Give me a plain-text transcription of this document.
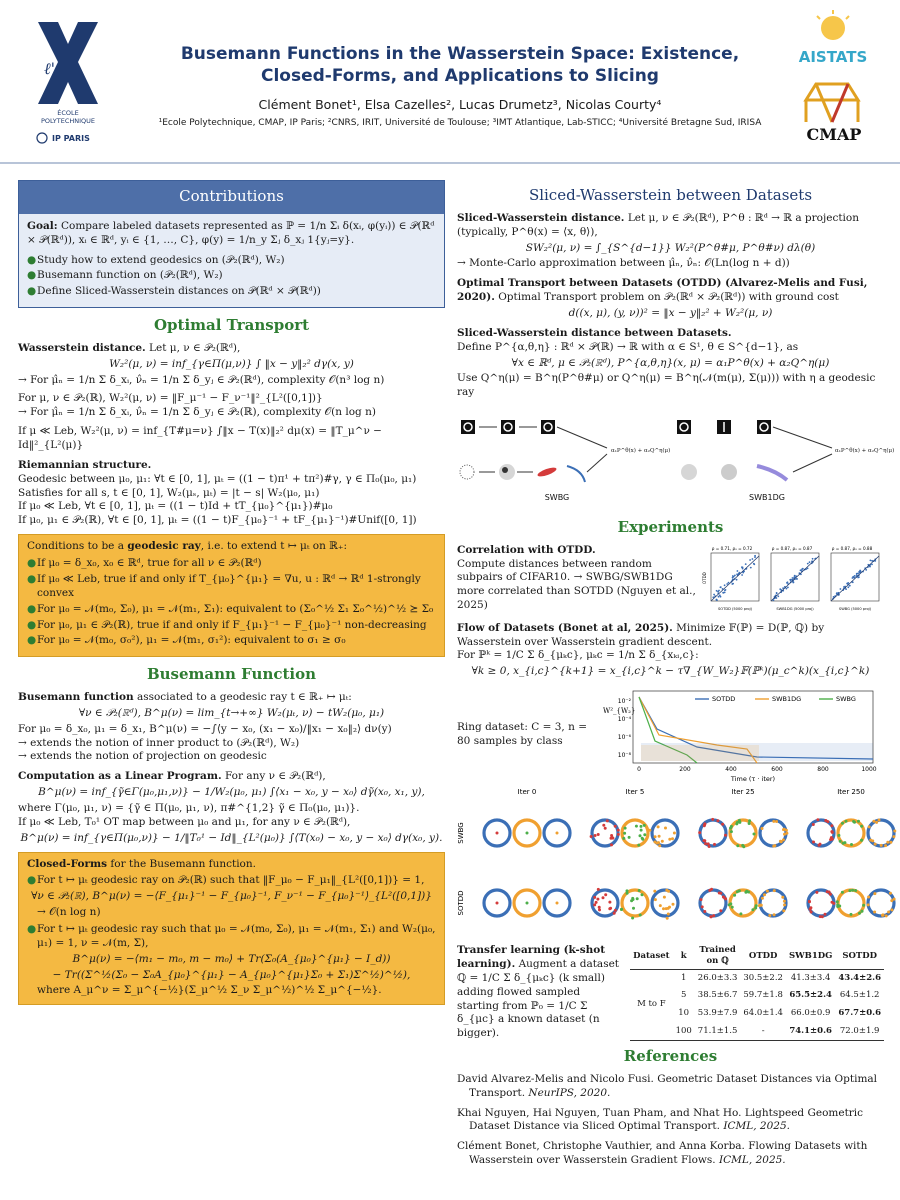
ℓ'
ÉCOLE
POLYTECHNIQUE
IP PARIS
Busemann Functions in the Wasserstein Space: Existence, Closed-Forms, and Applications to Slicing
Clément Bonet¹, Elsa Cazelles², Lucas Drumetz³, Nicolas Courty⁴
¹Ecole Polytechnique, CMAP, IP Paris; ²CNRS, IRIT, Université de Toulouse; ³IMT Atlantique, Lab-STICC; ⁴Université Bretagne Sud, IRISA
AISTATS
CMAP
Contributions
Goal: Compare labeled datasets represented as ℙ = 1/n Σᵢ δ(xᵢ, φ(yᵢ)) ∈ 𝒫(ℝᵈ × 𝒫(ℝᵈ)), xᵢ ∈ ℝᵈ, yᵢ ∈ {1, …, C}, φ(y) = 1/n_y Σⱼ δ_xⱼ 1{yⱼ=y}.
● Study how to extend geodesics on (𝒫₂(ℝᵈ), W₂)
● Busemann function on (𝒫₂(ℝᵈ), W₂)
● Define Sliced-Wasserstein distances on 𝒫(ℝᵈ × 𝒫(ℝᵈ))
Optimal Transport
Wasserstein distance. Let μ, ν ∈ 𝒫₂(ℝᵈ),
W₂²(μ, ν) = inf_{γ∈Π(μ,ν)} ∫ ‖x − y‖₂² dγ(x, y)
→ For μ̂ₙ = 1/n Σ δ_xᵢ, ν̂ₙ = 1/n Σ δ_yⱼ ∈ 𝒫₂(ℝᵈ), complexity 𝒪(n³ log n)
For μ, ν ∈ 𝒫₂(ℝ), W₂²(μ, ν) = ‖F_μ⁻¹ − F_ν⁻¹‖²_{L²([0,1])}
→ For μ̂ₙ = 1/n Σ δ_xᵢ, ν̂ₙ = 1/n Σ δ_yⱼ ∈ 𝒫₂(ℝ), complexity 𝒪(n log n)
If μ ≪ Leb, W₂²(μ, ν) = inf_{T#μ=ν} ∫‖x − T(x)‖₂² dμ(x) = ‖T_μ^ν − Id‖²_{L²(μ)}
Riemannian structure.
Geodesic between μ₀, μ₁: ∀t ∈ [0, 1], μₜ = ((1 − t)π¹ + tπ²)#γ, γ ∈ Π₀(μ₀, μ₁)
Satisfies for all s, t ∈ [0, 1], W₂(μₛ, μₜ) = |t − s| W₂(μ₀, μ₁)
If μ₀ ≪ Leb, ∀t ∈ [0, 1], μₜ = ((1 − t)Id + tT_{μ₀}^{μ₁})#μ₀
If μ₀, μ₁ ∈ 𝒫₂(ℝ), ∀t ∈ [0, 1], μₜ = ((1 − t)F_{μ₀}⁻¹ + tF_{μ₁}⁻¹)#Unif([0, 1])
Conditions to be a geodesic ray, i.e. to extend t ↦ μₜ on ℝ₊:
● If μ₀ = δ_x₀, x₀ ∈ ℝᵈ, true for all ν ∈ 𝒫₂(ℝᵈ)
● If μ₀ ≪ Leb, true if and only if T_{μ₀}^{μ₁} = ∇u, u : ℝᵈ → ℝᵈ 1-strongly convex
● For μ₀ = 𝒩(m₀, Σ₀), μ₁ = 𝒩(m₁, Σ₁): equivalent to (Σ₀^½ Σ₁ Σ₀^½)^½ ⪰ Σ₀
● For μ₀, μ₁ ∈ 𝒫₂(ℝ), true if and only if F_{μ₁}⁻¹ − F_{μ₀}⁻¹ non-decreasing
● For μ₀ = 𝒩(m₀, σ₀²), μ₁ = 𝒩(m₁, σ₁²): equivalent to σ₁ ≥ σ₀
Busemann Function
Busemann function associated to a geodesic ray t ∈ ℝ₊ ↦ μₜ:
∀ν ∈ 𝒫₂(ℝᵈ), B^μ(ν) = lim_{t→+∞} W₂(μₜ, ν) − tW₂(μ₀, μ₁)
For μ₀ = δ_x₀, μ₁ = δ_x₁, B^μ(ν) = −∫⟨y − x₀, (x₁ − x₀)/‖x₁ − x₀‖₂⟩ dν(y)
→ extends the notion of inner product to (𝒫₂(ℝᵈ), W₂)
→ extends the notion of projection on geodesic
Computation as a Linear Program. For any ν ∈ 𝒫₂(ℝᵈ),
B^μ(ν) = inf_{γ̃∈Γ(μ₀,μ₁,ν)} − 1/W₂(μ₀, μ₁) ∫⟨x₁ − x₀, y − x₀⟩ dγ̃(x₀, x₁, y),
where Γ(μ₀, μ₁, ν) = {γ̃ ∈ Π(μ₀, μ₁, ν), π#^{1,2} γ̃ ∈ Π₀(μ₀, μ₁)}.
If μ₀ ≪ Leb, T₀¹ OT map between μ₀ and μ₁, for any ν ∈ 𝒫₂(ℝᵈ),
B^μ(ν) = inf_{γ∈Π(μ₀,ν)} − 1/‖T₀¹ − Id‖_{L²(μ₀)} ∫⟨T(x₀) − x₀, y − x₀⟩ dγ(x₀, y).
Closed-Forms for the Busemann function.
● For t ↦ μₜ geodesic ray on 𝒫₂(ℝ) such that ‖F_μ₀ − F_μ₁‖_{L²([0,1])} = 1,
∀ν ∈ 𝒫₂(ℝ), B^μ(ν) = −⟨F_{μ₁}⁻¹ − F_{μ₀}⁻¹, F_ν⁻¹ − F_{μ₀}⁻¹⟩_{L²([0,1])}
→ 𝒪(n log n)
● For t ↦ μₜ geodesic ray such that μ₀ = 𝒩(m₀, Σ₀), μ₁ = 𝒩(m₁, Σ₁) and W₂(μ₀, μ₁) = 1, ν = 𝒩(m, Σ),
B^μ(ν) = −⟨m₁ − m₀, m − m₀⟩ + Tr(Σ₀(A_{μ₀}^{μ₁} − I_d))
− Tr((Σ^½(Σ₀ − Σ₀A_{μ₀}^{μ₁} − A_{μ₀}^{μ₁}Σ₀ + Σ₁)Σ^½)^½),
where A_μ^ν = Σ_μ^{−½}(Σ_μ^½ Σ_ν Σ_μ^½)^½ Σ_μ^{−½}.
Sliced-Wasserstein between Datasets
Sliced-Wasserstein distance. Let μ, ν ∈ 𝒫₂(ℝᵈ), P^θ : ℝᵈ → ℝ a projection (typically, P^θ(x) = ⟨x, θ⟩),
SW₂²(μ, ν) = ∫_{S^{d−1}} W₂²(P^θ#μ, P^θ#ν) dλ(θ)
→ Monte-Carlo approximation between μ̂ₙ, ν̂ₙ: 𝒪(Ln(log n + d))
Optimal Transport between Datasets (OTDD) (Alvarez-Melis and Fusi, 2020). Optimal Transport problem on 𝒫₂(ℝᵈ × 𝒫₂(ℝᵈ)) with ground cost
d((x, μ), (y, ν))² = ‖x − y‖₂² + W₂²(μ, ν)
Sliced-Wasserstein distance between Datasets.
Define P^{α,θ,η} : ℝᵈ × 𝒫(ℝ) → ℝ with α ∈ S¹, θ ∈ S^{d−1}, as
∀x ∈ ℝᵈ, μ ∈ 𝒫₂(ℝᵈ), P^{α,θ,η}(x, μ) = α₁P^θ(x) + α₂Q^η(μ)
Use Q^η(μ) = B^η(P^θ#μ) or Q^η(μ) = B^η(𝒩(m(μ), Σ(μ))) with η a geodesic ray
α₁P^θ(x) + α₂Q^η(μ)	α₁P^θ(x) + α₂Q^η(μ)
SWBG	SWB1DG
Experiments
Correlation with OTDD.
Compute distances between random subpairs of CIFAR10. → SWBG/SWB1DG more correlated than SOTDD (Nguyen et al., 2025)
ρ = 0.71, ρₛ = 0.72
SOTDD (5000 proj)
OTDD
ρ = 0.87, ρₛ = 0.87
SWB1DG (5000 proj)
ρ = 0.87, ρₛ = 0.88
SWBG (5000 proj)
Flow of Datasets (Bonet at al, 2025). Minimize 𝔽(ℙ) = D(ℙ, ℚ) by Wasserstein over Wasserstein gradient descent.
For ℙᵏ = 1/C Σ δ_{μₖc}, μₖc = 1/n Σ δ_{xₖᵢ,c}:
∀k ≥ 0, x_{i,c}^{k+1} = x_{i,c}^k − τ∇_{W_W₂}𝔽(ℙᵏ)(μ_c^k)(x_{i,c}^k)
Ring dataset: C = 3, n = 80 samples by class
W²_{W₂}
10⁻²
10⁻⁴
10⁻⁶
10⁻⁸
0	200	400	600	800	1000
Time (τ · iter)
SOTDD	SWB1DG	SWBG
Iter 0	Iter 5	Iter 25	Iter 250
SWBG
SOTDD
Transfer learning (k-shot learning). Augment a dataset ℚ = 1/C Σ δ_{μₖc} (k small) adding flowed sampled starting from ℙ₀ = 1/C Σ δ_{μc} a known dataset (n bigger).
Dataset	k	Trained on ℚ	OTDD	SWB1DG	SOTDD
M to F	1	26.0±3.3	30.5±2.2	41.3±3.4	43.4±2.6
	5	38.5±6.7	59.7±1.8	65.5±2.4	64.5±1.2
	10	53.9±7.9	64.0±1.4	66.0±0.9	67.7±0.6
	100	71.1±1.5	-	74.1±0.6	72.0±1.9
References

David Alvarez-Melis and Nicolo Fusi. Geometric Dataset Distances via Optimal Transport. NeurIPS, 2020.

Khai Nguyen, Hai Nguyen, Tuan Pham, and Nhat Ho. Lightspeed Geometric Dataset Distance via Sliced Optimal Transport. ICML, 2025.

Clément Bonet, Christophe Vauthier, and Anna Korba. Flowing Datasets with Wasserstein over Wasserstein Gradient Flows. ICML, 2025.
